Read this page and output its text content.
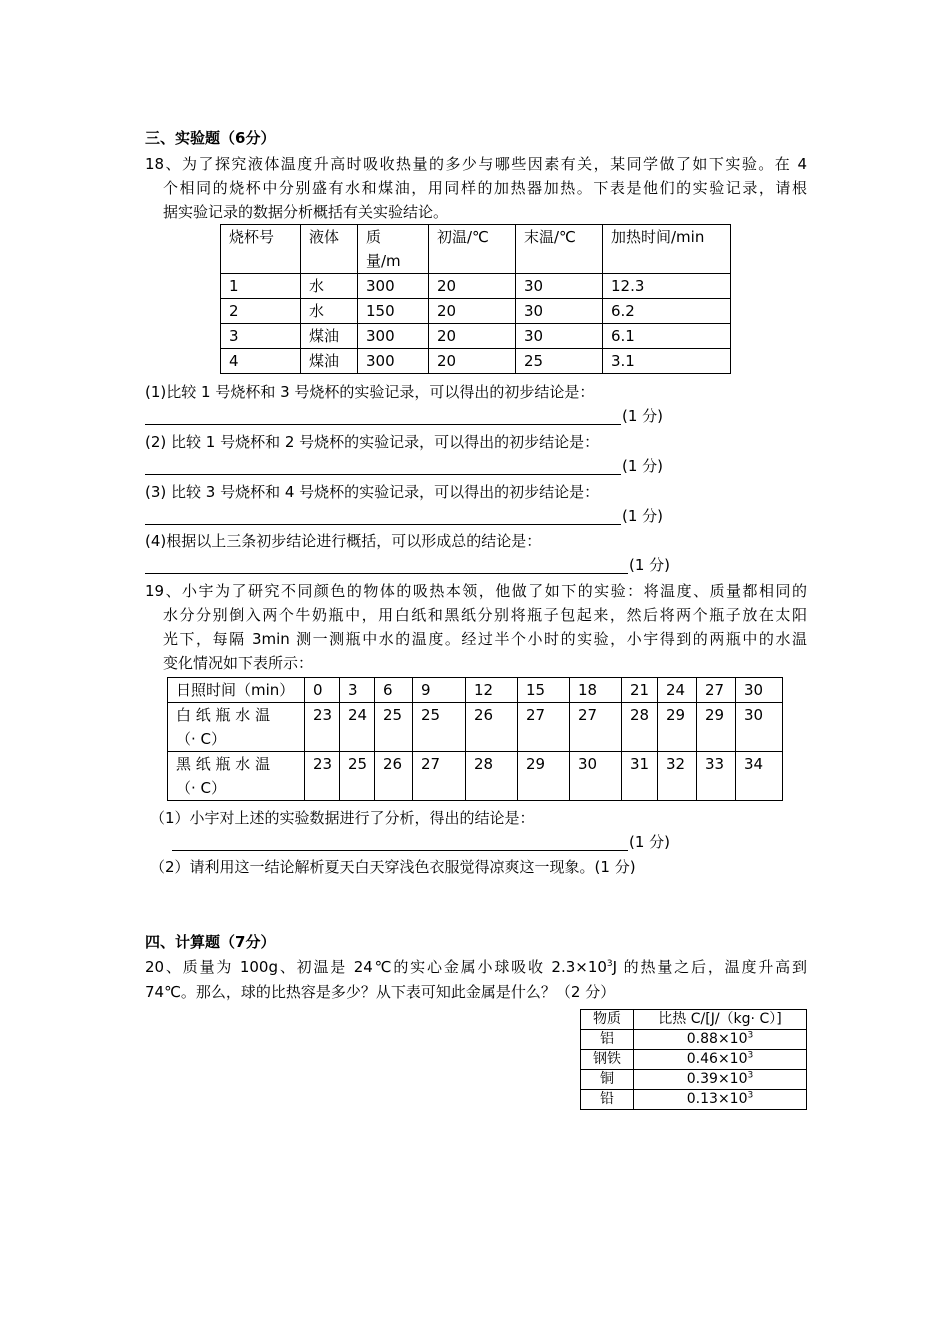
三、实验题（6分）
18、为了探究液体温度升高时吸收热量的多少与哪些因素有关，某同学做了如下实验。在 4
个相同的烧杯中分别盛有水和煤油，用同样的加热器加热。下表是他们的实验记录，请根
据实验记录的数据分析概括有关实验结论。
烧杯号	液体	质
量/m	初温/℃	末温/℃	加热时间/min
1	水	300	20	30	12.3
2	水	150	20	30	6.2
3	煤油	300	20	30	6.1
4	煤油	300	20	25	3.1
(1)比较 1 号烧杯和 3 号烧杯的实验记录，可以得出的初步结论是：
(1 分)
(2) 比较 1 号烧杯和 2 号烧杯的实验记录，可以得出的初步结论是：
(1 分)
(3) 比较 3 号烧杯和 4 号烧杯的实验记录，可以得出的初步结论是：
(1 分)
(4)根据以上三条初步结论进行概括，可以形成总的结论是：
(1 分)
19、小宇为了研究不同颜色的物体的吸热本领，他做了如下的实验：将温度、质量都相同的
水分分别倒入两个牛奶瓶中，用白纸和黑纸分别将瓶子包起来，然后将两个瓶子放在太阳
光下，每隔 3min 测一测瓶中水的温度。经过半个小时的实验，小宇得到的两瓶中的水温
变化情况如下表所示：
日照时间（min）	0	3	6	9	12	15	18	21	24	27	30
白 纸 瓶 水 温
（· C）	23	24	25	25	26	27	27	28	29	29	30
黑 纸 瓶 水 温
（· C）	23	25	26	27	28	29	30	31	32	33	34
（1）小宇对上述的实验数据进行了分析，得出的结论是：
(1 分)
（2）请利用这一结论解析夏天白天穿浅色衣服觉得凉爽这一现象。(1 分)
四、计算题（7分）
20、质量为 100g、初温是 24℃的实心金属小球吸收 $2.3\times 10^3J$ 的热量之后，温度升高到
74℃。那么，球的比热容是多少？从下表可知此金属是什么？（2 分）
物质	比热 C/[J/（kg· C）]
铝	$0.88\times 10^3$
钢铁	$0.46\times 10^3$
铜	$0.39\times 10^3$
铅	$0.13\times 10^3$
